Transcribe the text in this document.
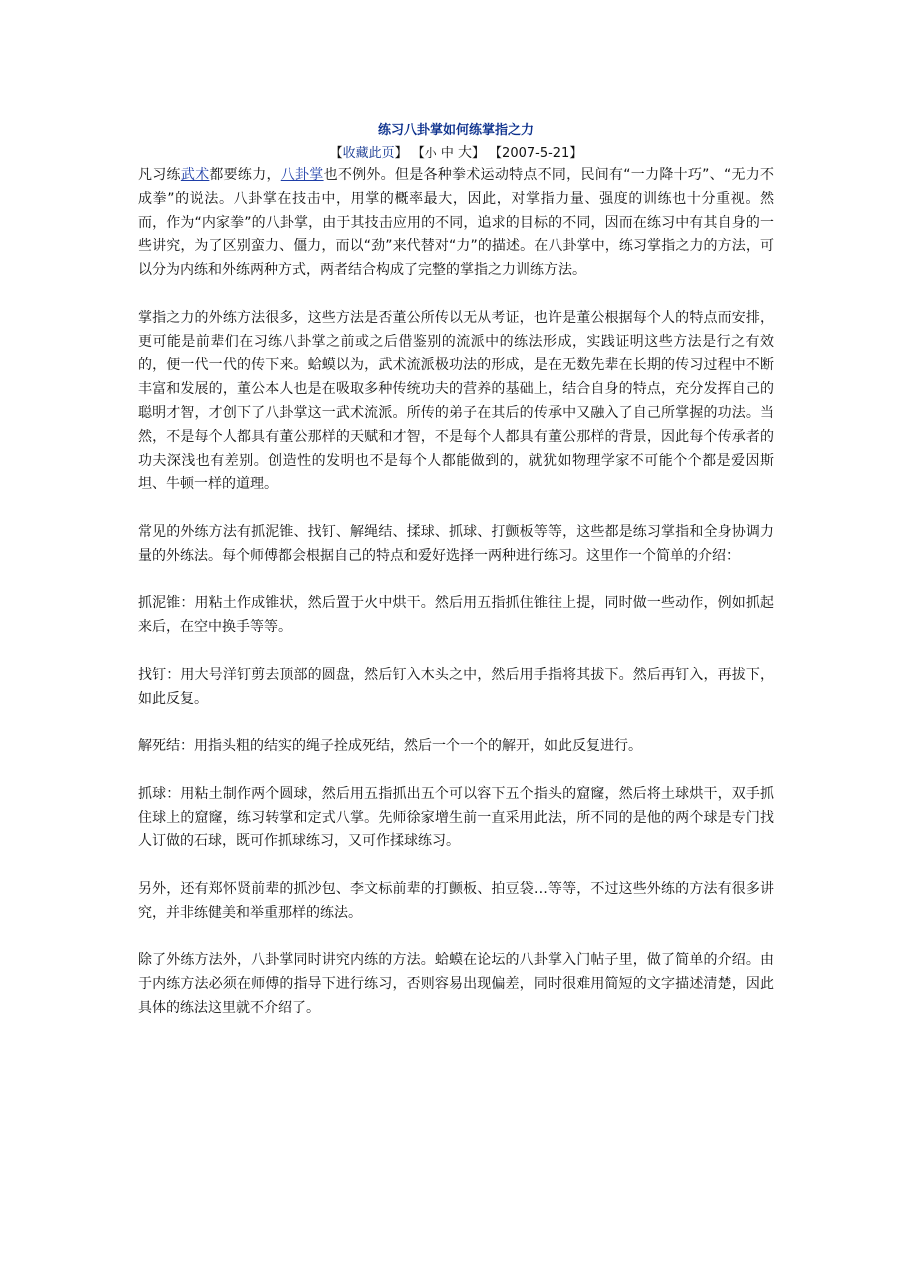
练习八卦掌如何练掌指之力
【收藏此页】 【小 中 大】 【2007-5-21】

凡习练武术都要练力，八卦掌也不例外。但是各种拳术运动特点不同，民间有“一力降十巧”、“无力不成拳”的说法。八卦掌在技击中，用掌的概率最大，因此，对掌指力量、强度的训练也十分重视。然而，作为“内家拳”的八卦掌，由于其技击应用的不同，追求的目标的不同，因而在练习中有其自身的一些讲究，为了区别蛮力、僵力，而以“劲”来代替对“力”的描述。在八卦掌中，练习掌指之力的方法，可以分为内练和外练两种方式，两者结合构成了完整的掌指之力训练方法。

掌指之力的外练方法很多，这些方法是否董公所传以无从考证，也许是董公根据每个人的特点而安排，更可能是前辈们在习练八卦掌之前或之后借鉴别的流派中的练法形成，实践证明这些方法是行之有效的，便一代一代的传下来。蛤蟆以为，武术流派极功法的形成，是在无数先辈在长期的传习过程中不断丰富和发展的，董公本人也是在吸取多种传统功夫的营养的基础上，结合自身的特点，充分发挥自己的聪明才智，才创下了八卦掌这一武术流派。所传的弟子在其后的传承中又融入了自己所掌握的功法。当然，不是每个人都具有董公那样的天赋和才智，不是每个人都具有董公那样的背景，因此每个传承者的功夫深浅也有差别。创造性的发明也不是每个人都能做到的，就犹如物理学家不可能个个都是爱因斯坦、牛顿一样的道理。

常见的外练方法有抓泥锥、找钉、解绳结、揉球、抓球、打颤板等等，这些都是练习掌指和全身协调力量的外练法。每个师傅都会根据自己的特点和爱好选择一两种进行练习。这里作一个简单的介绍：

抓泥锥：用粘土作成锥状，然后置于火中烘干。然后用五指抓住锥往上提，同时做一些动作，例如抓起来后，在空中换手等等。

找钉：用大号洋钉剪去顶部的圆盘，然后钉入木头之中，然后用手指将其拔下。然后再钉入，再拔下，如此反复。

解死结：用指头粗的结实的绳子拴成死结，然后一个一个的解开，如此反复进行。

抓球：用粘土制作两个圆球，然后用五指抓出五个可以容下五个指头的窟窿，然后将土球烘干，双手抓住球上的窟窿，练习转掌和定式八掌。先师徐家增生前一直采用此法，所不同的是他的两个球是专门找人订做的石球，既可作抓球练习，又可作揉球练习。

另外，还有郑怀贤前辈的抓沙包、李文标前辈的打颤板、拍豆袋…等等，不过这些外练的方法有很多讲究，并非练健美和举重那样的练法。

除了外练方法外，八卦掌同时讲究内练的方法。蛤蟆在论坛的八卦掌入门帖子里，做了简单的介绍。由于内练方法必须在师傅的指导下进行练习，否则容易出现偏差，同时很难用简短的文字描述清楚，因此具体的练法这里就不介绍了。
